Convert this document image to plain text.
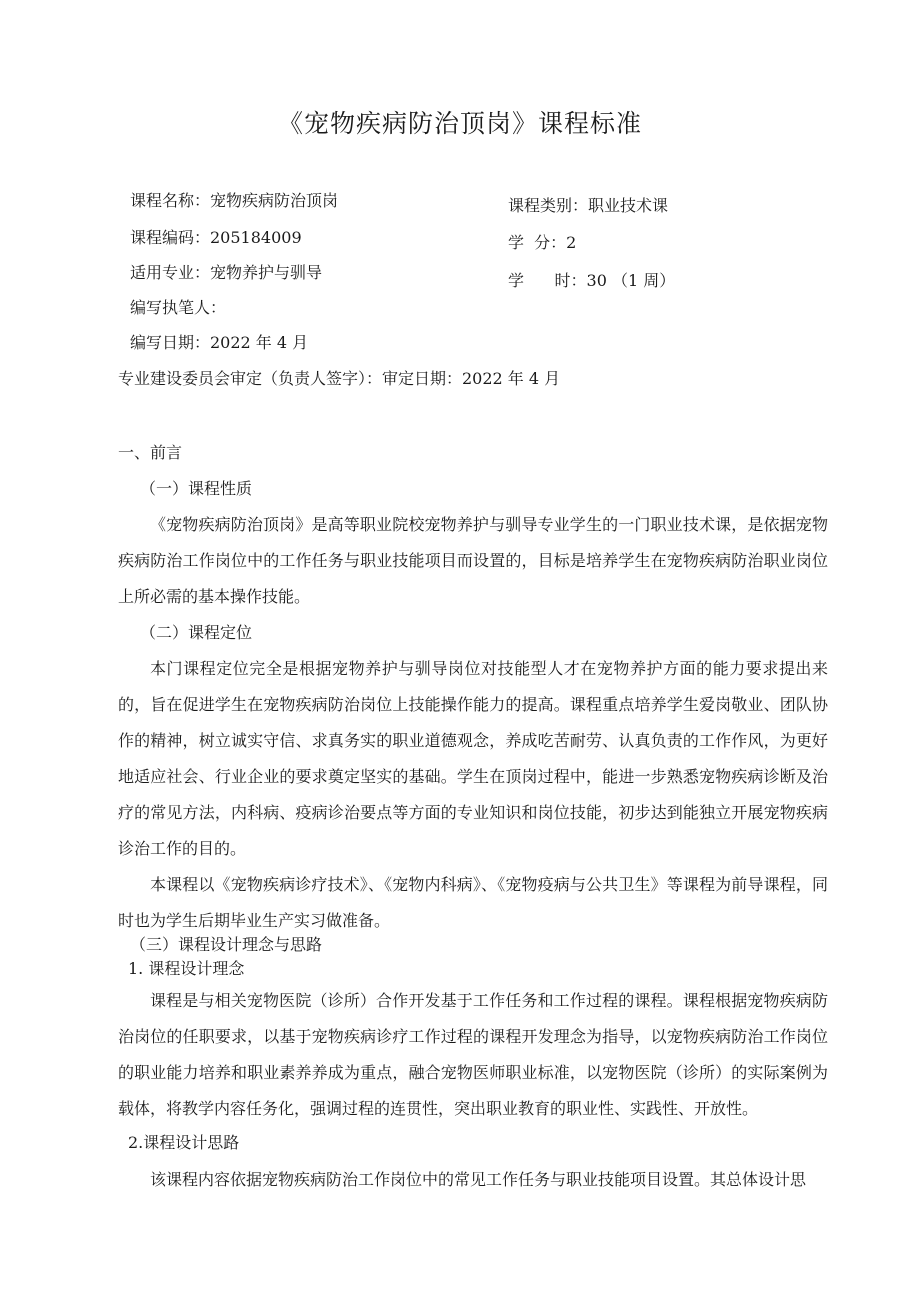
《宠物疾病防治顶岗》课程标准
课程名称：宠物疾病防治顶岗	课程类别：职业技术课
课程编码：205184009	学  分：2
适用专业：宠物养护与驯导	学      时：30 （1 周）
编写执笔人：
编写日期：2022 年 4 月
专业建设委员会审定（负责人签字）：审定日期：2022 年 4 月
一、前言
（一）课程性质
《宠物疾病防治顶岗》是高等职业院校宠物养护与驯导专业学生的一门职业技术课，是依据宠物疾病防治工作岗位中的工作任务与职业技能项目而设置的，目标是培养学生在宠物疾病防治职业岗位上所必需的基本操作技能。
（二）课程定位
本门课程定位完全是根据宠物养护与驯导岗位对技能型人才在宠物养护方面的能力要求提出来的，旨在促进学生在宠物疾病防治岗位上技能操作能力的提高。课程重点培养学生爱岗敬业、团队协作的精神，树立诚实守信、求真务实的职业道德观念，养成吃苦耐劳、认真负责的工作作风，为更好地适应社会、行业企业的要求奠定坚实的基础。学生在顶岗过程中，能进一步熟悉宠物疾病诊断及治疗的常见方法，内科病、疫病诊治要点等方面的专业知识和岗位技能，初步达到能独立开展宠物疾病诊治工作的目的。
本课程以《宠物疾病诊疗技术》、《宠物内科病》、《宠物疫病与公共卫生》等课程为前导课程，同时也为学生后期毕业生产实习做准备。
（三）课程设计理念与思路
1. 课程设计理念
课程是与相关宠物医院（诊所）合作开发基于工作任务和工作过程的课程。课程根据宠物疾病防治岗位的任职要求，以基于宠物疾病诊疗工作过程的课程开发理念为指导，以宠物疾病防治工作岗位的职业能力培养和职业素养养成为重点，融合宠物医师职业标准，以宠物医院（诊所）的实际案例为载体，将教学内容任务化，强调过程的连贯性，突出职业教育的职业性、实践性、开放性。
2.课程设计思路
该课程内容依据宠物疾病防治工作岗位中的常见工作任务与职业技能项目设置。其总体设计思
